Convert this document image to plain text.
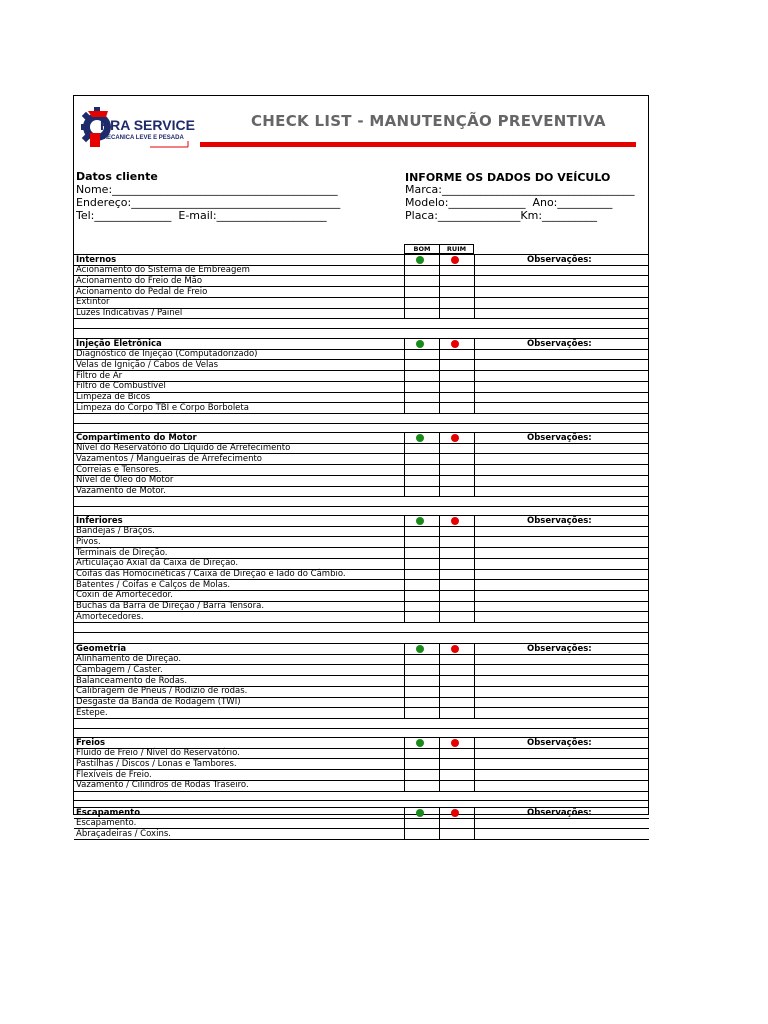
HRA SERVICE
MECANICA LEVE E PESADA
CHECK LIST - MANUTENÇÃO PREVENTIVA
Datos cliente
Nome:_________________________________________
Endereço:______________________________________
Tel:______________  E-mail:____________________
INFORME OS DADOS DO VEÍCULO
Marca:___________________________________
Modelo:______________  Ano:__________
Placa:_______________Km:__________
BOM	RUIM
Internos
Acionamento do Sistema de Embreagem
Acionamento do Freio de Mão
Acionamento do Pedal de Freio
Extintor
Luzes Indicativas / Painel
Observações:
Injeção Eletrônica
Diagnóstico de Injeção (Computadorizado)
Velas de Ignição / Cabos de Velas
Filtro de Ar
Filtro de Combustível
Limpeza de Bicos
Limpeza do Corpo TBI e Corpo Borboleta
Observações:
Compartimento do Motor
Nível do Reservatório do Líquido de Arrefecimento
Vazamentos / Mangueiras de Arrefecimento
Correias e Tensores.
Nível de Óleo do Motor
Vazamento de Motor.
Observações:
Inferiores
Bandejas / Braços.
Pivos.
Terminais de Direção.
Articulação Axial da Caixa de Direção.
Coifas das Homocinéticas / Caixa de Direção e lado do Câmbio.
Batentes / Coifas e Calços de Molas.
Coxin de Amortecedor.
Buchas da Barra de Direção / Barra Tensora.
Amortecedores.
Observações:
Geometria
Alinhamento de Direção.
Cambagem / Caster.
Balanceamento de Rodas.
Calibragem de Pneus / Rodizio de rodas.
Desgaste da Banda de Rodagem (TWI)
Estepe.
Observações:
Freios
Fluido de Freio / Nível do Reservatório.
Pastilhas / Discos / Lonas e Tambores.
Flexíveis de Freio.
Vazamento / Cilindros de Rodas Traseiro.
Observações:
Escapamento
Escapamento.
Abraçadeiras / Coxins.
Observações:
